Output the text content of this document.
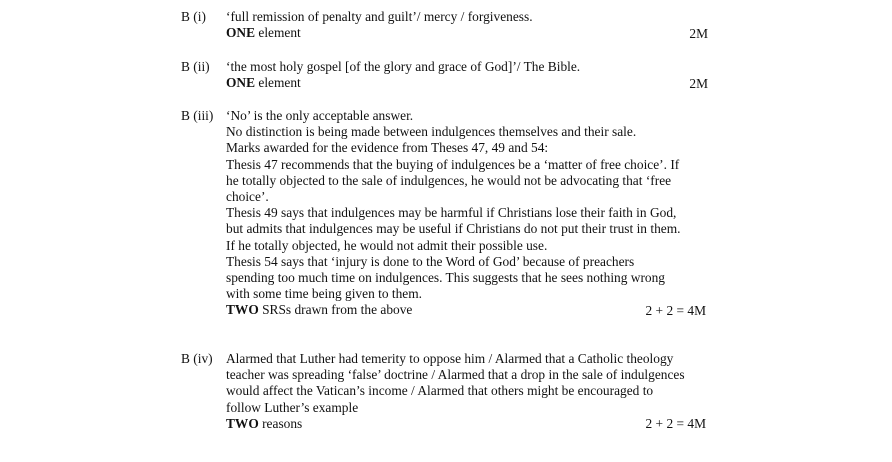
B (i) ‘full remission of penalty and guilt’/ mercy / forgiveness.
ONE element	2M
B (ii) ‘the most holy gospel [of the glory and grace of God]’/ The Bible.
ONE element	2M
B (iii) ‘No’ is the only acceptable answer.
No distinction is being made between indulgences themselves and their sale.
Marks awarded for the evidence from Theses 47, 49 and 54:
Thesis 47 recommends that the buying of indulgences be a ‘matter of free choice’. If
he totally objected to the sale of indulgences, he would not be advocating that ‘free
choice’.
Thesis 49 says that indulgences may be harmful if Christians lose their faith in God,
but admits that indulgences may be useful if Christians do not put their trust in them.
If he totally objected, he would not admit their possible use.
Thesis 54 says that ‘injury is done to the Word of God’ because of preachers
spending too much time on indulgences. This suggests that he sees nothing wrong
with some time being given to them.
TWO SRSs drawn from the above	2 + 2 = 4M
B (iv) Alarmed that Luther had temerity to oppose him / Alarmed that a Catholic theology
teacher was spreading ‘false’ doctrine / Alarmed that a drop in the sale of indulgences
would affect the Vatican’s income / Alarmed that others might be encouraged to
follow Luther’s example
TWO reasons	2 + 2 = 4M
